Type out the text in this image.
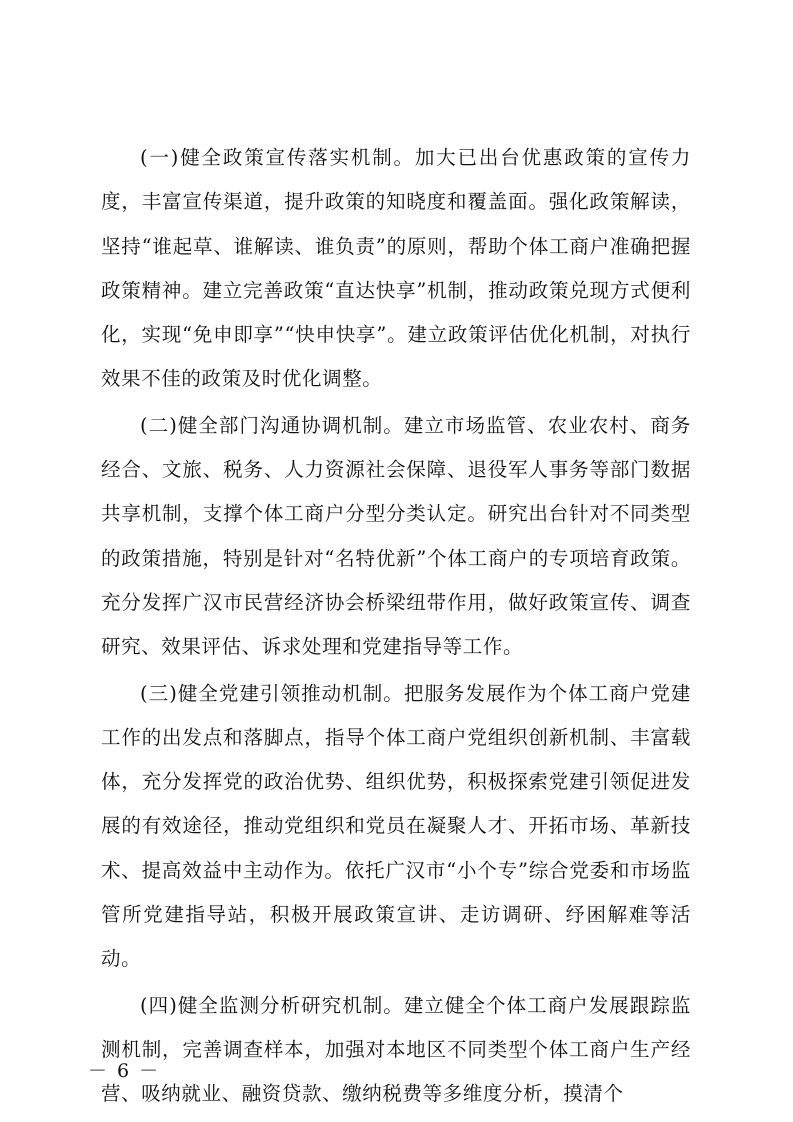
(一)健全政策宣传落实机制。加大已出台优惠政策的宣传力度，丰富宣传渠道，提升政策的知晓度和覆盖面。强化政策解读，坚持“谁起草、谁解读、谁负责”的原则，帮助个体工商户准确把握政策精神。建立完善政策“直达快享”机制，推动政策兑现方式便利化，实现“免申即享”“快申快享”。建立政策评估优化机制，对执行效果不佳的政策及时优化调整。

(二)健全部门沟通协调机制。建立市场监管、农业农村、商务经合、文旅、税务、人力资源社会保障、退役军人事务等部门数据共享机制，支撑个体工商户分型分类认定。研究出台针对不同类型的政策措施，特别是针对“名特优新”个体工商户的专项培育政策。充分发挥广汉市民营经济协会桥梁纽带作用，做好政策宣传、调查研究、效果评估、诉求处理和党建指导等工作。

(三)健全党建引领推动机制。把服务发展作为个体工商户党建工作的出发点和落脚点，指导个体工商户党组织创新机制、丰富载体，充分发挥党的政治优势、组织优势，积极探索党建引领促进发展的有效途径，推动党组织和党员在凝聚人才、开拓市场、革新技术、提高效益中主动作为。依托广汉市“小个专”综合党委和市场监管所党建指导站，积极开展政策宣讲、走访调研、纾困解难等活动。

(四)健全监测分析研究机制。建立健全个体工商户发展跟踪监测机制，完善调查样本，加强对本地区不同类型个体工商户生产经营、吸纳就业、融资贷款、缴纳税费等多维度分析，摸清个

－ 6 －
